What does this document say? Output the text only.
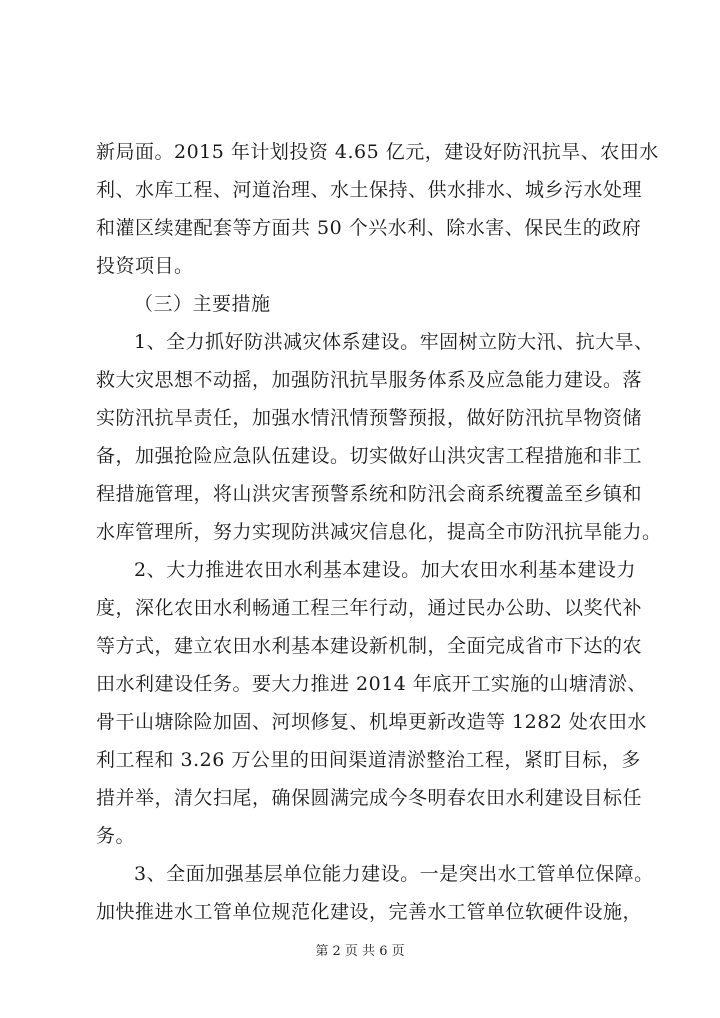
新局面。2015 年计划投资 4.65 亿元，建设好防汛抗旱、农田水
利、水库工程、河道治理、水土保持、供水排水、城乡污水处理
和灌区续建配套等方面共 50 个兴水利、除水害、保民生的政府
投资项目。
（三）主要措施
1、全力抓好防洪减灾体系建设。牢固树立防大汛、抗大旱、
救大灾思想不动摇，加强防汛抗旱服务体系及应急能力建设。落
实防汛抗旱责任，加强水情汛情预警预报，做好防汛抗旱物资储
备，加强抢险应急队伍建设。切实做好山洪灾害工程措施和非工
程措施管理，将山洪灾害预警系统和防汛会商系统覆盖至乡镇和
水库管理所，努力实现防洪减灾信息化，提高全市防汛抗旱能力。
2、大力推进农田水利基本建设。加大农田水利基本建设力
度，深化农田水利畅通工程三年行动，通过民办公助、以奖代补
等方式，建立农田水利基本建设新机制，全面完成省市下达的农
田水利建设任务。要大力推进 2014 年底开工实施的山塘清淤、
骨干山塘除险加固、河坝修复、机埠更新改造等 1282 处农田水
利工程和 3.26 万公里的田间渠道清淤整治工程，紧盯目标，多
措并举，清欠扫尾，确保圆满完成今冬明春农田水利建设目标任
务。
3、全面加强基层单位能力建设。一是突出水工管单位保障。
加快推进水工管单位规范化建设，完善水工管单位软硬件设施，
第 2 页 共 6 页
